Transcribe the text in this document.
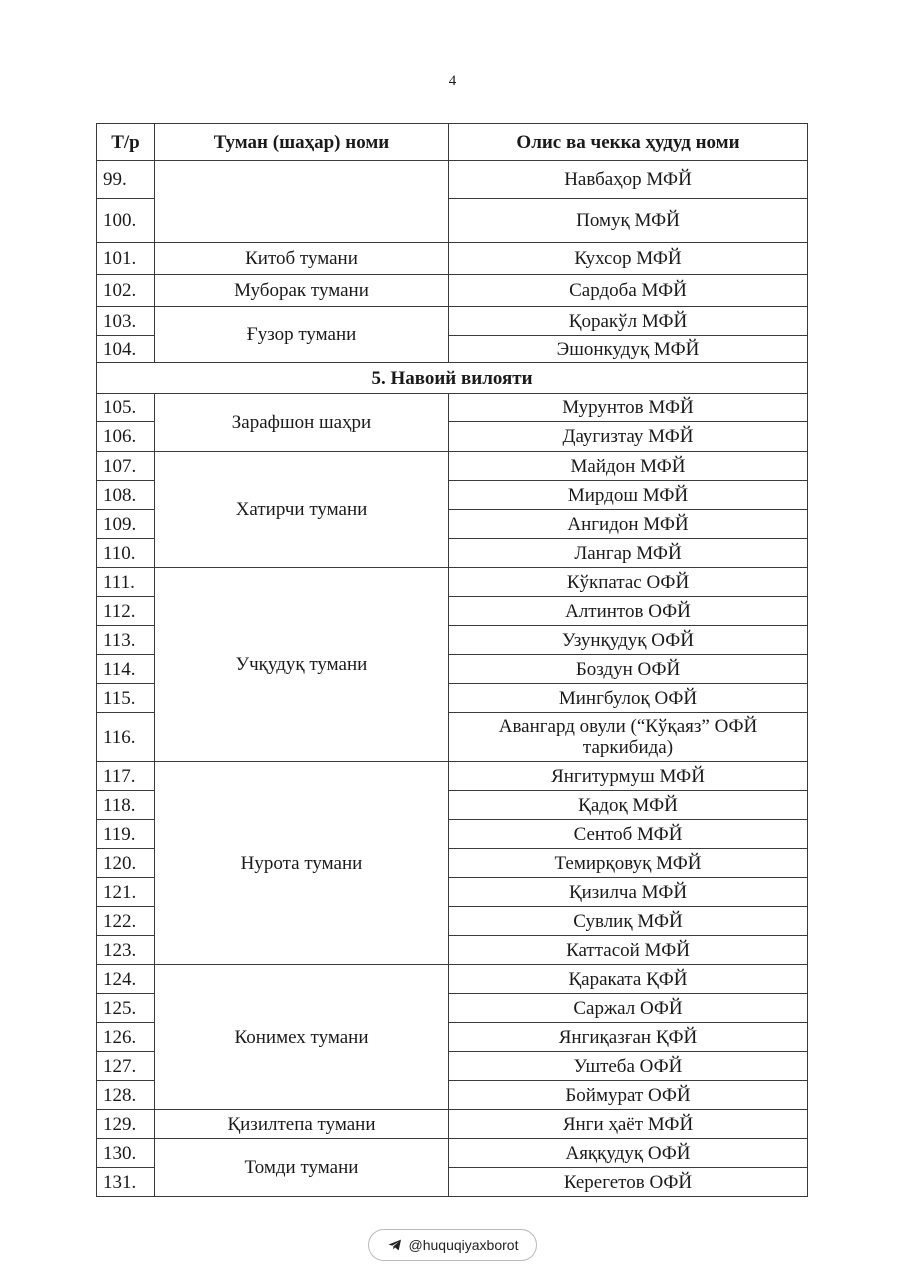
4
Т/р	Туман (шаҳар) номи	Олис ва чекка ҳудуд номи
99.		Навбаҳор МФЙ
100.		Помуқ МФЙ
101.	Китоб тумани	Кухсор МФЙ
102.	Муборак тумани	Сардоба МФЙ
103.	Ғузор тумани	Қоракўл МФЙ
104.		Эшонкудуқ МФЙ
5. Навоий вилояти		
105.	Зарафшон шаҳри	Мурунтов МФЙ
106.		Даугизтау МФЙ
107.	Хатирчи тумани	Майдон МФЙ
108.		Мирдош МФЙ
109.		Ангидон МФЙ
110.		Лангар МФЙ
111.	Учқудуқ тумани	Кўкпатас ОФЙ
112.		Алтинтов ОФЙ
113.		Узунқудуқ ОФЙ
114.		Боздун ОФЙ
115.		Мингбулоқ ОФЙ
116.		Авангард овули (“Кўқаяз” ОФЙ таркибида)
117.	Нурота тумани	Янгитурмуш МФЙ
118.		Қадоқ МФЙ
119.		Сентоб МФЙ
120.		Темирқовуқ МФЙ
121.		Қизилча МФЙ
122.		Сувлиқ МФЙ
123.		Каттасой МФЙ
124.	Конимех тумани	Қараката ҚФЙ
125.		Саржал ОФЙ
126.		Янгиқазған ҚФЙ
127.		Уштеба ОФЙ
128.		Боймурат ОФЙ
129.	Қизилтепа тумани	Янги ҳаёт МФЙ
130.	Томди тумани	Аяққудуқ ОФЙ
131.		Керегетов ОФЙ
@huquqiyaxborot
